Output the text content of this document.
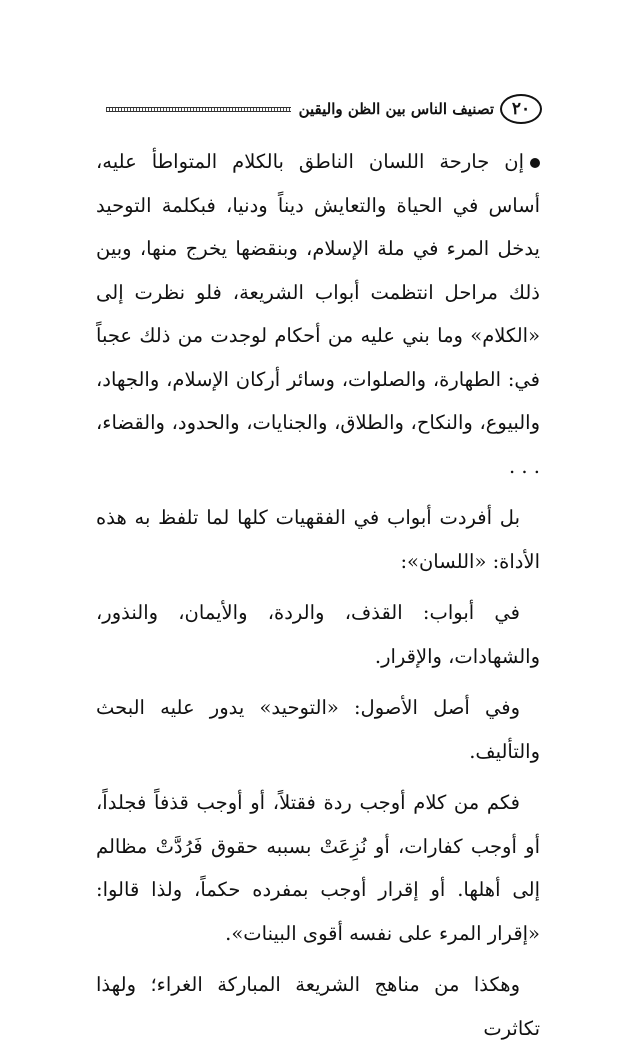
٢٠
تصنيف الناس بين الظن واليقين

إن جارحة اللسان الناطق بالكلام المتواطأ عليه، أساس في الحياة والتعايش ديناً ودنيا، فبكلمة التوحيد يدخل المرء في ملة الإسلام، وبنقضها يخرج منها، وبين ذلك مراحل انتظمت أبواب الشريعة، فلو نظرت إلى «الكلام» وما بني عليه من أحكام لوجدت من ذلك عجباً في: الطهارة، والصلوات، وسائر أركان الإسلام، والجهاد، والبيوع، والنكاح، والطلاق، والجنايات، والحدود، والقضاء، . . .

بل أفردت أبواب في الفقهيات كلها لما تلفظ به هذه الأداة: «اللسان»:

في أبواب: القذف، والردة، والأيمان، والنذور، والشهادات، والإقرار.

وفي أصل الأصول: «التوحيد» يدور عليه البحث والتأليف.

فكم من كلام أوجب ردة فقتلاً، أو أوجب قذفاً فجلداً، أو أوجب كفارات، أو نُزِعَتْ بسببه حقوق فَرُدَّتْ مظالم إلى أهلها. أو إقرار أوجب بمفرده حكماً، ولذا قالوا: «إقرار المرء على نفسه أقوى البينات».

وهكذا من مناهج الشريعة المباركة الغراء؛ ولهذا تكاثرت
